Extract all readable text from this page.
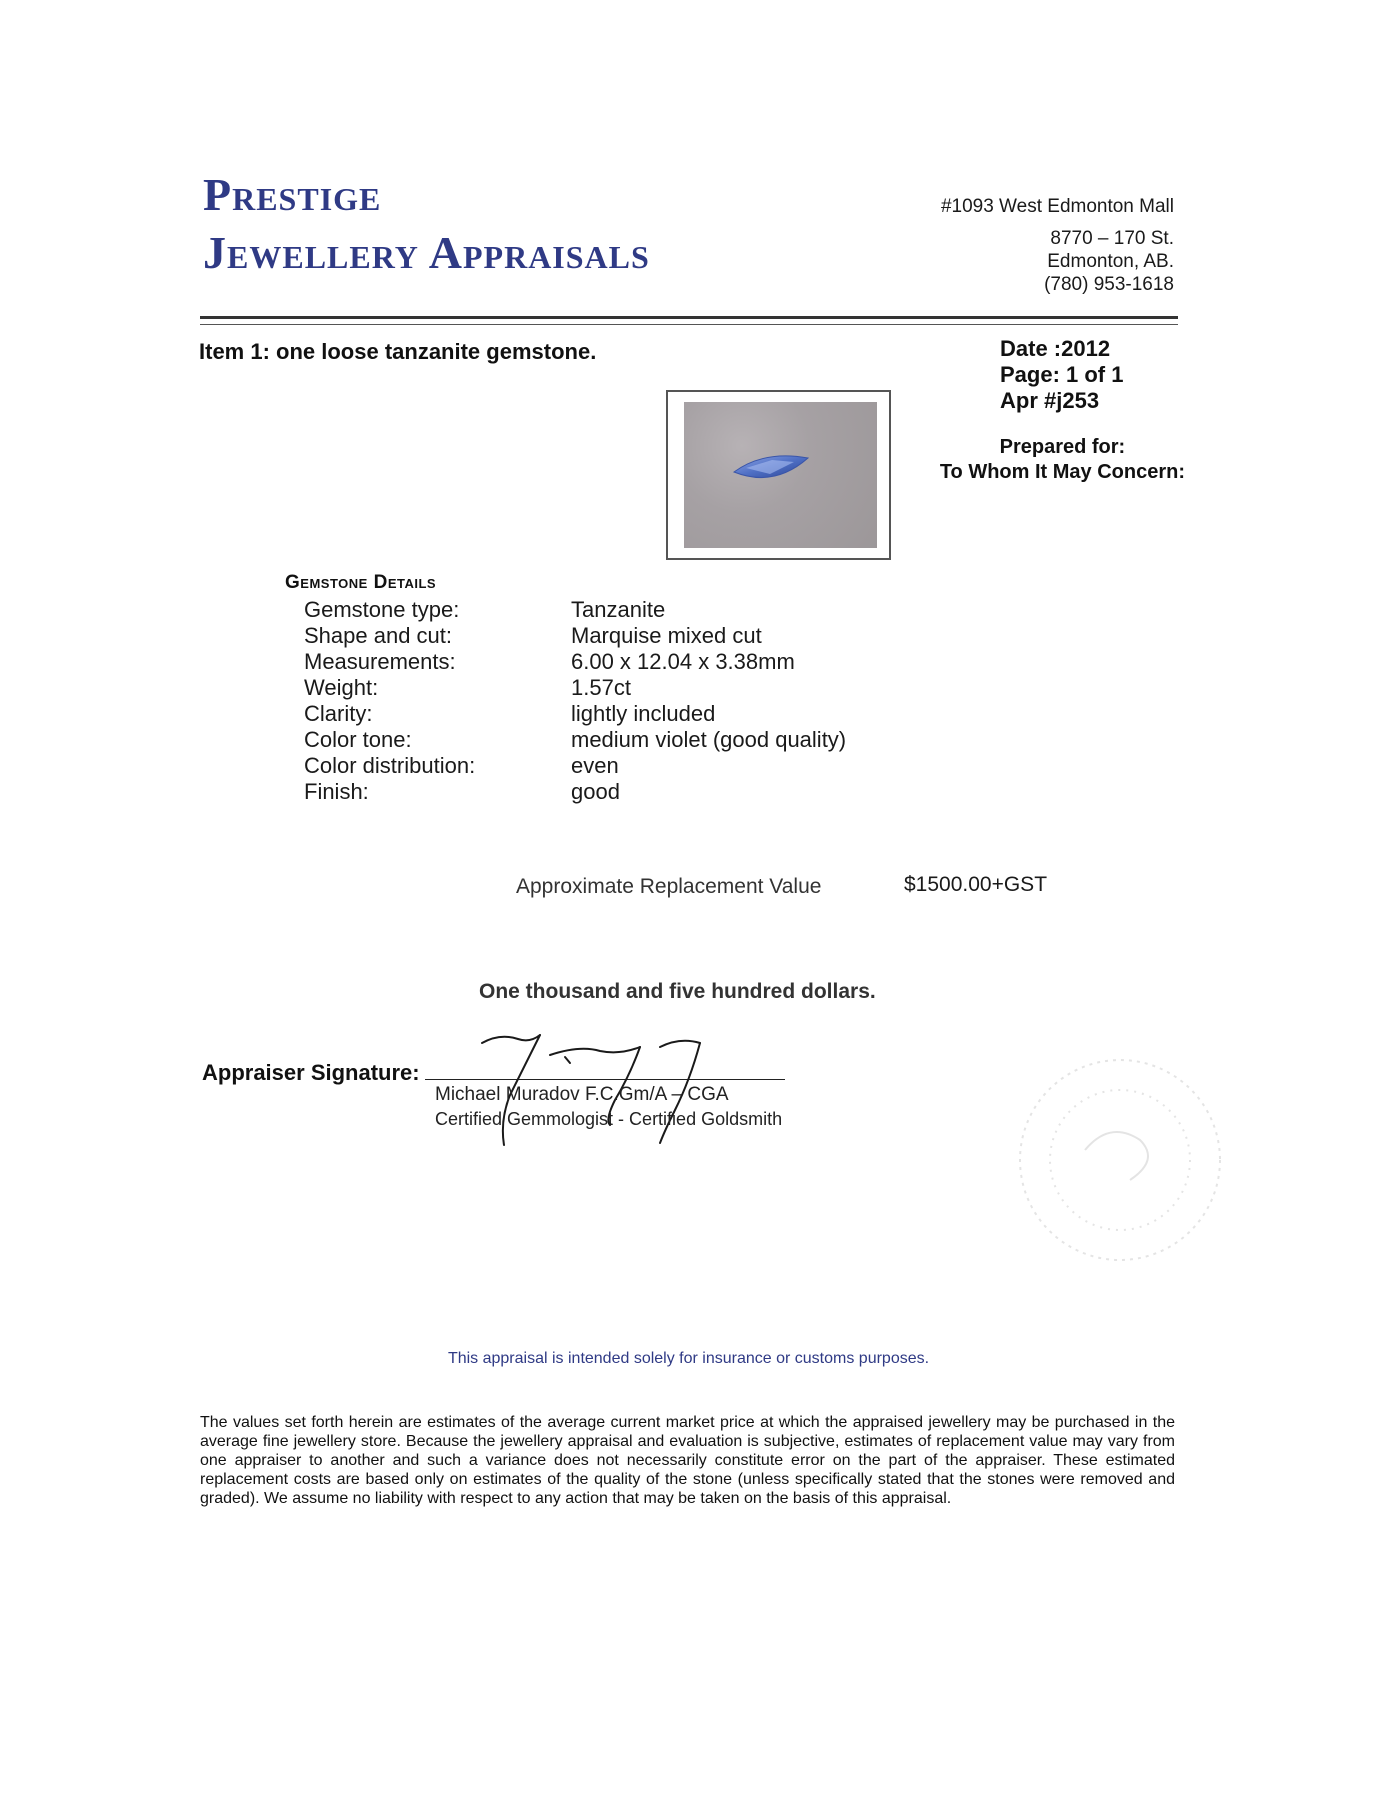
Prestige
Jewellery Appraisals
#1093 West Edmonton Mall
8770 – 170 St.
Edmonton, AB.
(780) 953-1618
Item 1: one loose tanzanite gemstone.	Date :2012
Page: 1 of 1
Apr #j253
Prepared for:
To Whom It May Concern:
Gemstone Details
Gemstone type:
Shape and cut:
Measurements:
Weight:
Clarity:
Color tone:
Color distribution:
Finish:
Tanzanite
Marquise mixed cut
6.00 x 12.04 x 3.38mm
1.57ct
lightly included
medium violet (good quality)
even
good
Approximate Replacement Value	$1500.00+GST
One thousand and five hundred dollars.
Appraiser Signature:
Michael Muradov F.C.Gm/A – CGA
Certified Gemmologist - Certified Goldsmith
This appraisal is intended solely for insurance or customs purposes.
The values set forth herein are estimates of the average current market price at which the appraised jewellery may be purchased in the average fine jewellery store. Because the jewellery appraisal and evaluation is subjective, estimates of replacement value may vary from one appraiser to another and such a variance does not necessarily constitute error on the part of the appraiser. These estimated replacement costs are based only on estimates of the quality of the stone (unless specifically stated that the stones were removed and graded). We assume no liability with respect to any action that may be taken on the basis of this appraisal.
